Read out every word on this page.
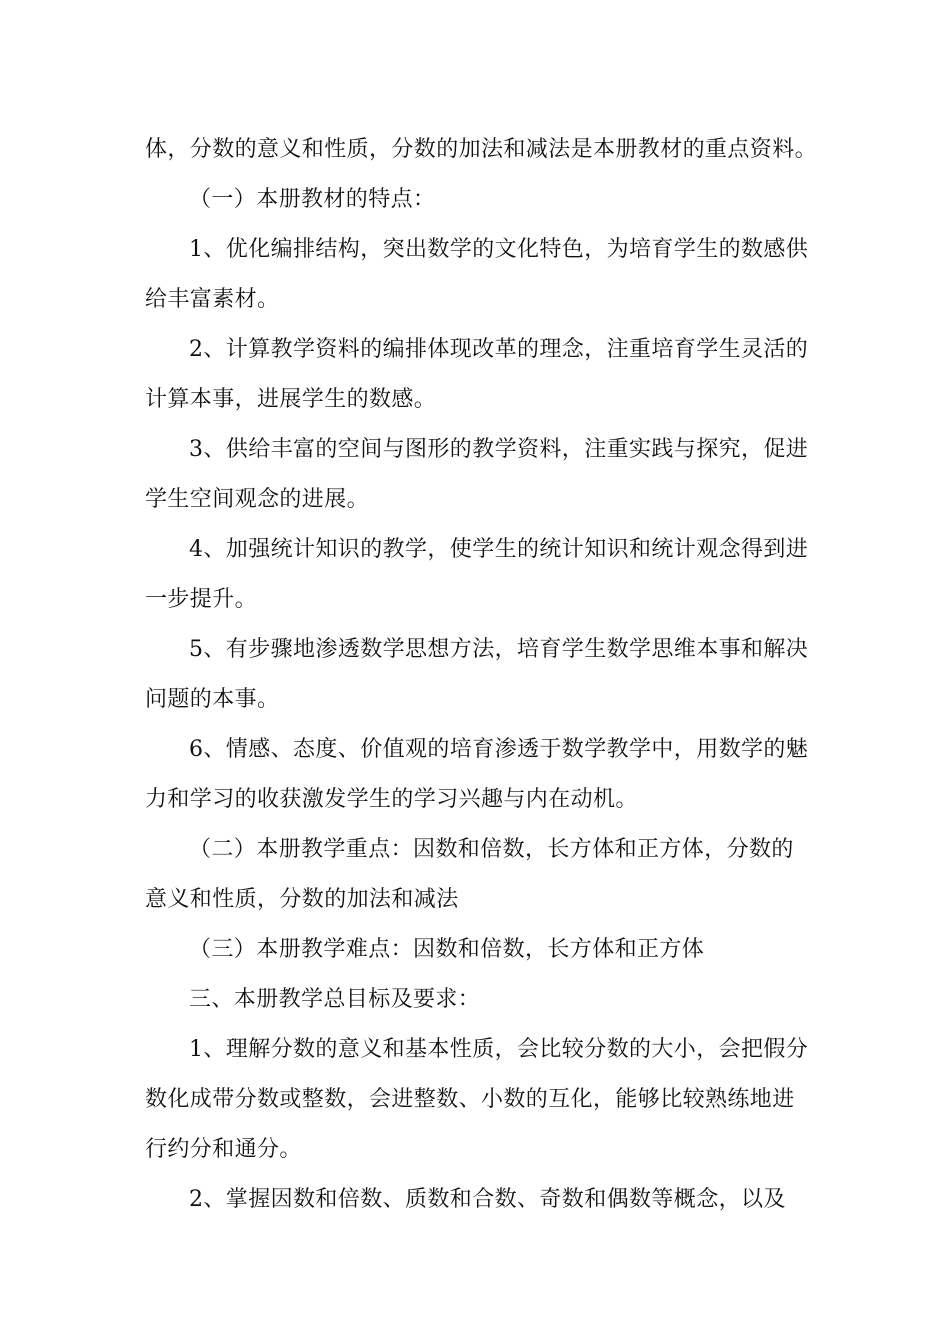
体，分数的意义和性质，分数的加法和减法是本册教材的重点资料。
（一）本册教材的特点：
1、优化编排结构，突出数学的文化特色，为培育学生的数感供
给丰富素材。
2、计算教学资料的编排体现改革的理念，注重培育学生灵活的
计算本事，进展学生的数感。
3、供给丰富的空间与图形的教学资料，注重实践与探究，促进
学生空间观念的进展。
4、加强统计知识的教学，使学生的统计知识和统计观念得到进
一步提升。
5、有步骤地渗透数学思想方法，培育学生数学思维本事和解决
问题的本事。
6、情感、态度、价值观的培育渗透于数学教学中，用数学的魅
力和学习的收获激发学生的学习兴趣与内在动机。
（二）本册教学重点：因数和倍数，长方体和正方体，分数的
意义和性质，分数的加法和减法
（三）本册教学难点：因数和倍数，长方体和正方体
三、本册教学总目标及要求：
1、理解分数的意义和基本性质，会比较分数的大小，会把假分
数化成带分数或整数，会进整数、小数的互化，能够比较熟练地进
行约分和通分。
2、掌握因数和倍数、质数和合数、奇数和偶数等概念，以及
